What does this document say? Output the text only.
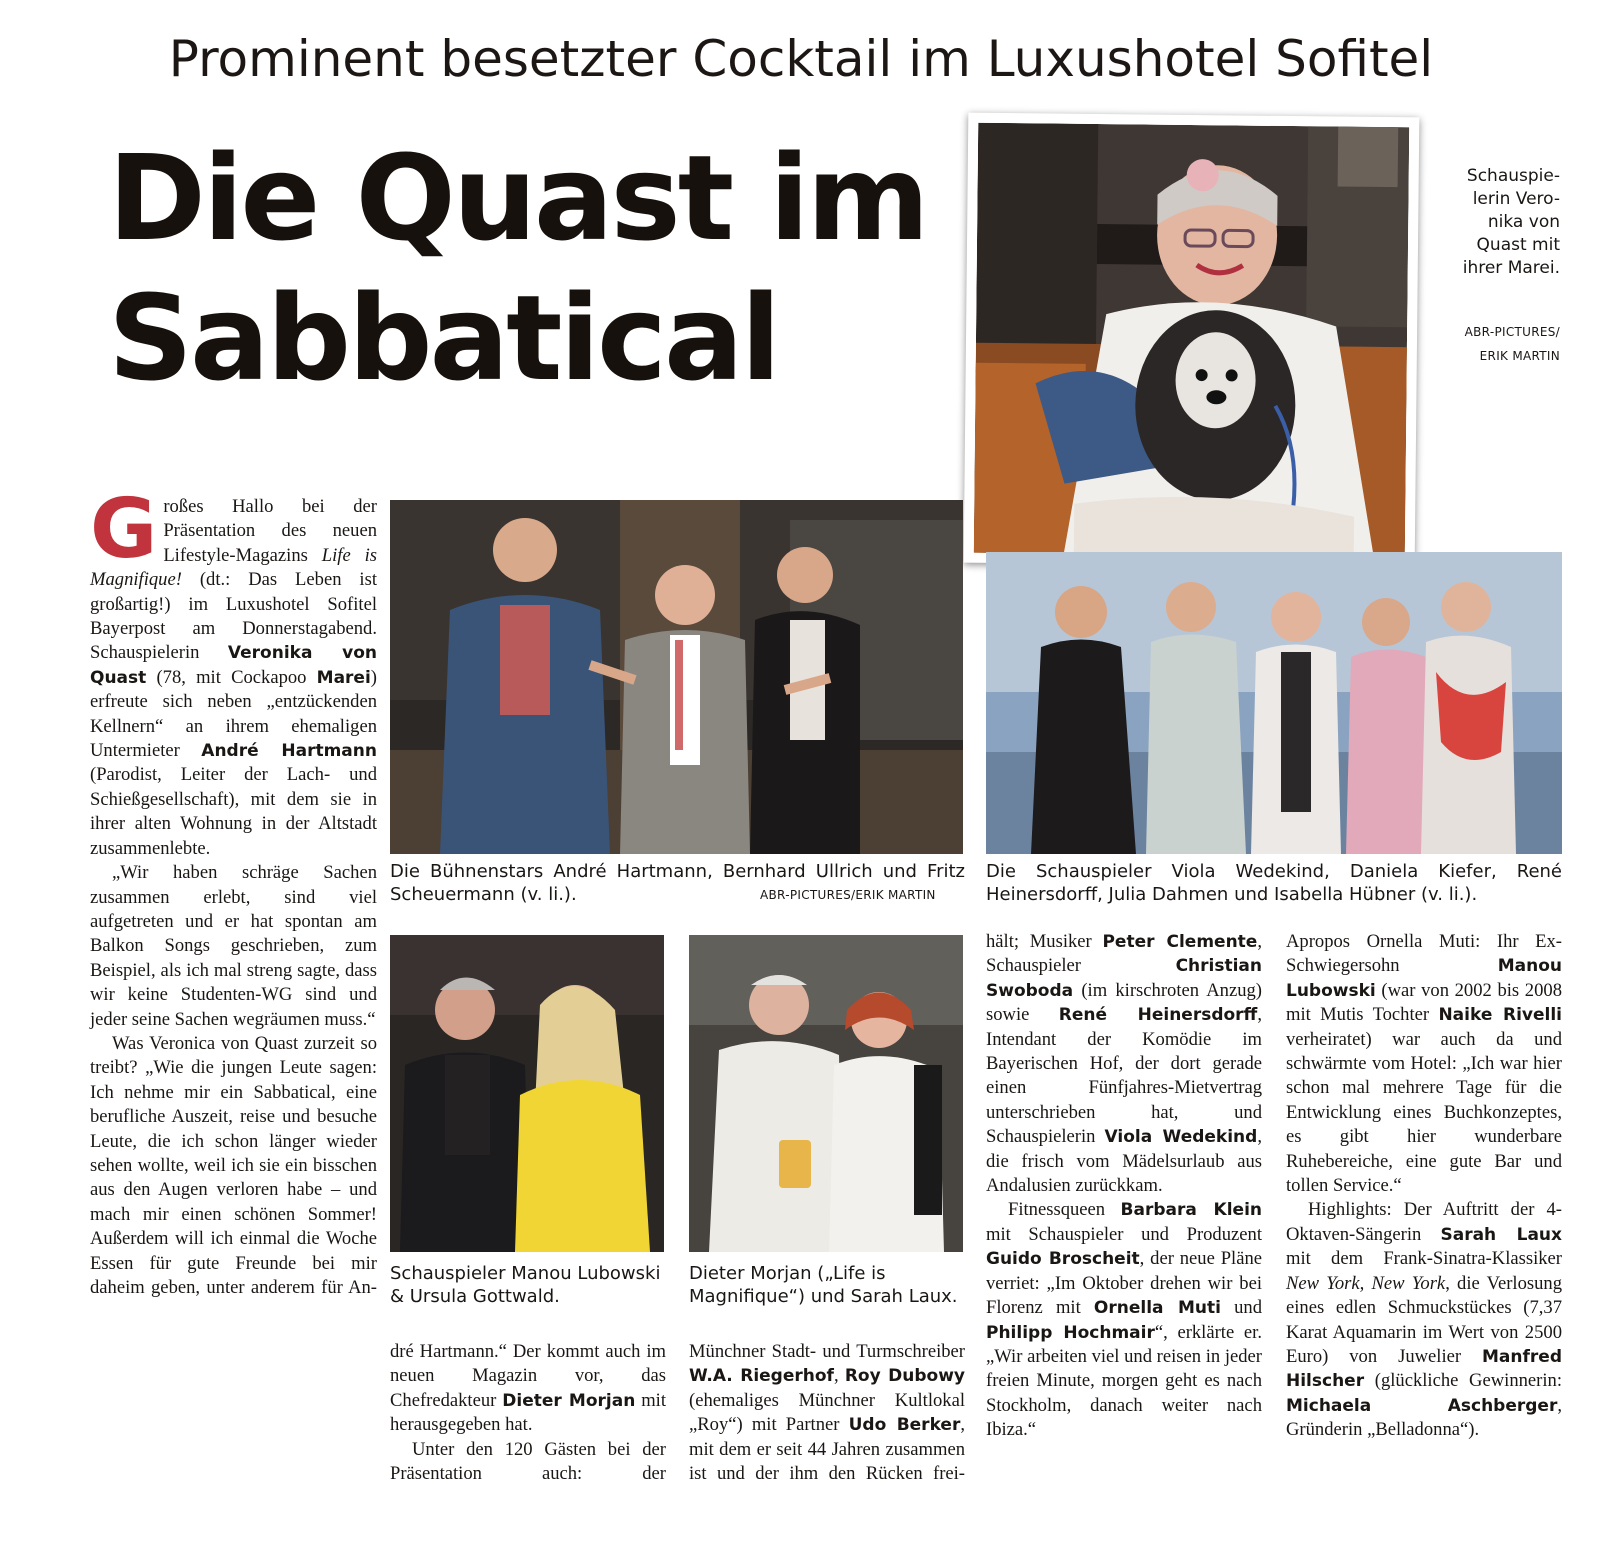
Prominent besetzter Cocktail im Luxushotel Sofitel
Die Quast im
Sabbatical
Schauspie-
lerin Vero-
nika von
Quast mit
ihrer Marei.
ABR-PICTURES/
ERIK MARTIN
Die Bühnenstars André Hartmann, Bernhard Ullrich und Fritz Scheuermann (v. li.).	ABR-PICTURES/ERIK MARTIN
Die Schauspieler Viola Wedekind, Daniela Kiefer, René Heinersdorff, Julia Dahmen und Isabella Hübner (v. li.).
Schauspieler Manou Lubowski & Ursula Gottwald.
Dieter Morjan („Life is Magnifique“) und Sarah Laux.

Großes Hallo bei der Präsentation des neuen Lifestyle-Magazins Life is Magnifique! (dt.: Das Leben ist großartig!) im Luxushotel Sofitel Bayerpost am Donnerstagabend. Schauspielerin Veronika von Quast (78, mit Cockapoo Marei) erfreute sich neben „entzückenden Kellnern“ an ihrem ehemaligen Untermieter André Hartmann (Parodist, Leiter der Lach- und Schießgesellschaft), mit dem sie in ihrer alten Wohnung in der Altstadt zusammenlebte.

„Wir haben schräge Sachen zusammen erlebt, sind viel aufgetreten und er hat spontan am Balkon Songs geschrieben, zum Beispiel, als ich mal streng sagte, dass wir keine Studenten-WG sind und jeder seine Sachen wegräumen muss.“

Was Veronica von Quast zurzeit so treibt? „Wie die jungen Leute sagen: Ich nehme mir ein Sabbatical, eine berufliche Auszeit, reise und besuche Leute, die ich schon länger wieder sehen wollte, weil ich sie ein bisschen aus den Augen verloren habe – und mach mir einen schönen Sommer! Außerdem will ich einmal die Woche Essen für gute Freunde bei mir daheim geben, unter anderem für An-

dré Hartmann.“ Der kommt auch im neuen Magazin vor, das Chefredakteur Dieter Morjan mit herausgegeben hat.

Unter den 120 Gästen bei der Präsentation auch: der

Münchner Stadt- und Turmschreiber W.A. Riegerhof, Roy Dubowy (ehemaliges Münchner Kultlokal „Roy“) mit Partner Udo Berker, mit dem er seit 44 Jahren zusammen ist und der ihm den Rücken frei-

hält; Musiker Peter Clemente, Schauspieler Christian Swoboda (im kirschroten Anzug) sowie René Heinersdorff, Intendant der Komödie im Bayerischen Hof, der dort gerade einen Fünfjahres-Mietvertrag unterschrieben hat, und Schauspielerin Viola Wedekind, die frisch vom Mädelsurlaub aus Andalusien zurückkam.

Fitnessqueen Barbara Klein mit Schauspieler und Produzent Guido Broscheit, der neue Pläne verriet: „Im Oktober drehen wir bei Florenz mit Ornella Muti und Philipp Hochmair“, erklärte er. „Wir arbeiten viel und reisen in jeder freien Minute, morgen geht es nach Stockholm, danach weiter nach Ibiza.“

Apropos Ornella Muti: Ihr Ex-Schwiegersohn Manou Lubowski (war von 2002 bis 2008 mit Mutis Tochter Naike Rivelli verheiratet) war auch da und schwärmte vom Hotel: „Ich war hier schon mal mehrere Tage für die Entwicklung eines Buchkonzeptes, es gibt hier wunderbare Ruhebereiche, eine gute Bar und tollen Service.“

Highlights: Der Auftritt der 4-Oktaven-Sängerin Sarah Laux mit dem Frank-Sinatra-Klassiker New York, New York, die Verlosung eines edlen Schmuckstückes (7,37 Karat Aquamarin im Wert von 2500 Euro) von Juwelier Manfred Hilscher (glückliche Gewinnerin: Michaela Aschberger, Gründerin „Belladonna“).
